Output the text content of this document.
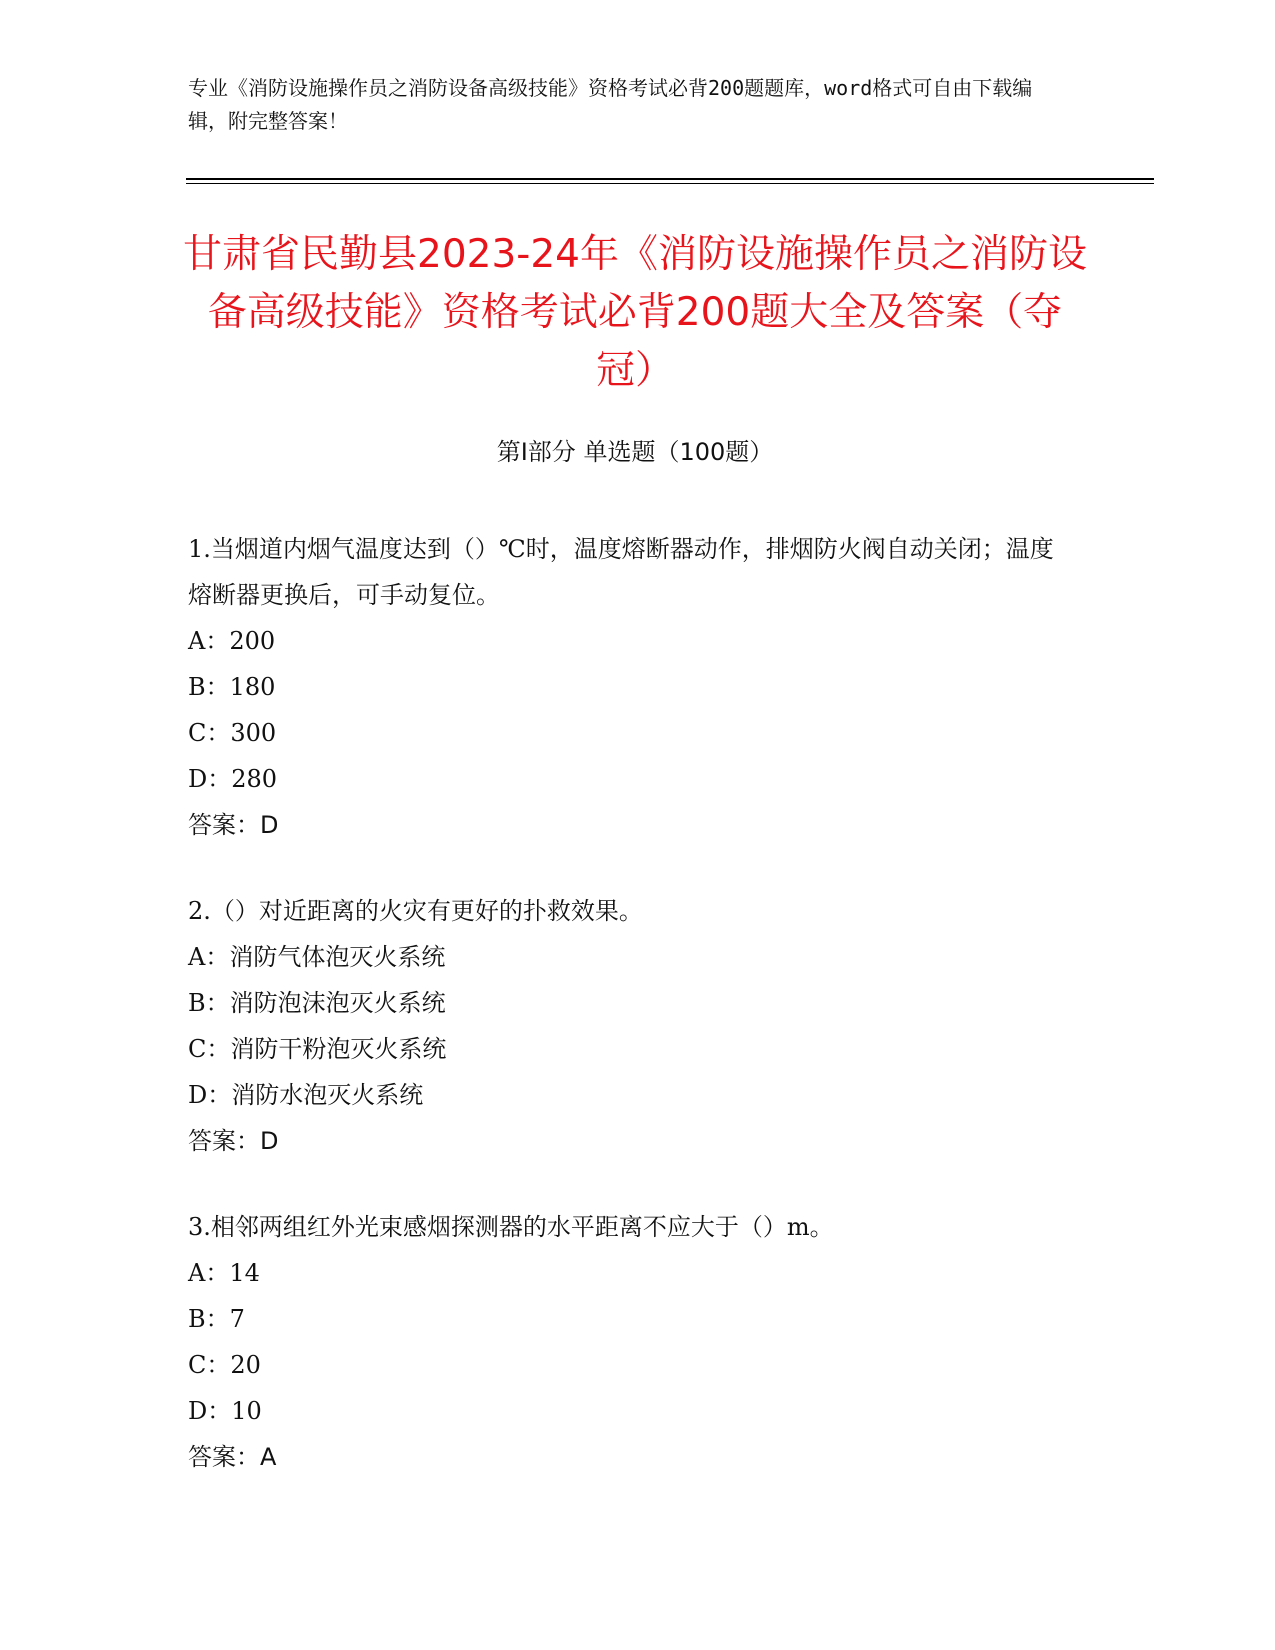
专业《消防设施操作员之消防设备高级技能》资格考试必背200题题库，word格式可自由下载编辑，附完整答案！
甘肃省民勤县2023-24年《消防设施操作员之消防设备高级技能》资格考试必背200题大全及答案（夺冠）
第Ⅰ部分 单选题（100题）
1.当烟道内烟气温度达到（）℃时，温度熔断器动作，排烟防火阀自动关闭；温度熔断器更换后，可手动复位。
A：200
B：180
C：300
D：280
答案：D
2.（）对近距离的火灾有更好的扑救效果。
A：消防气体泡灭火系统
B：消防泡沫泡灭火系统
C：消防干粉泡灭火系统
D：消防水泡灭火系统
答案：D
3.相邻两组红外光束感烟探测器的水平距离不应大于（）m。
A：14
B：7
C：20
D：10
答案：A
